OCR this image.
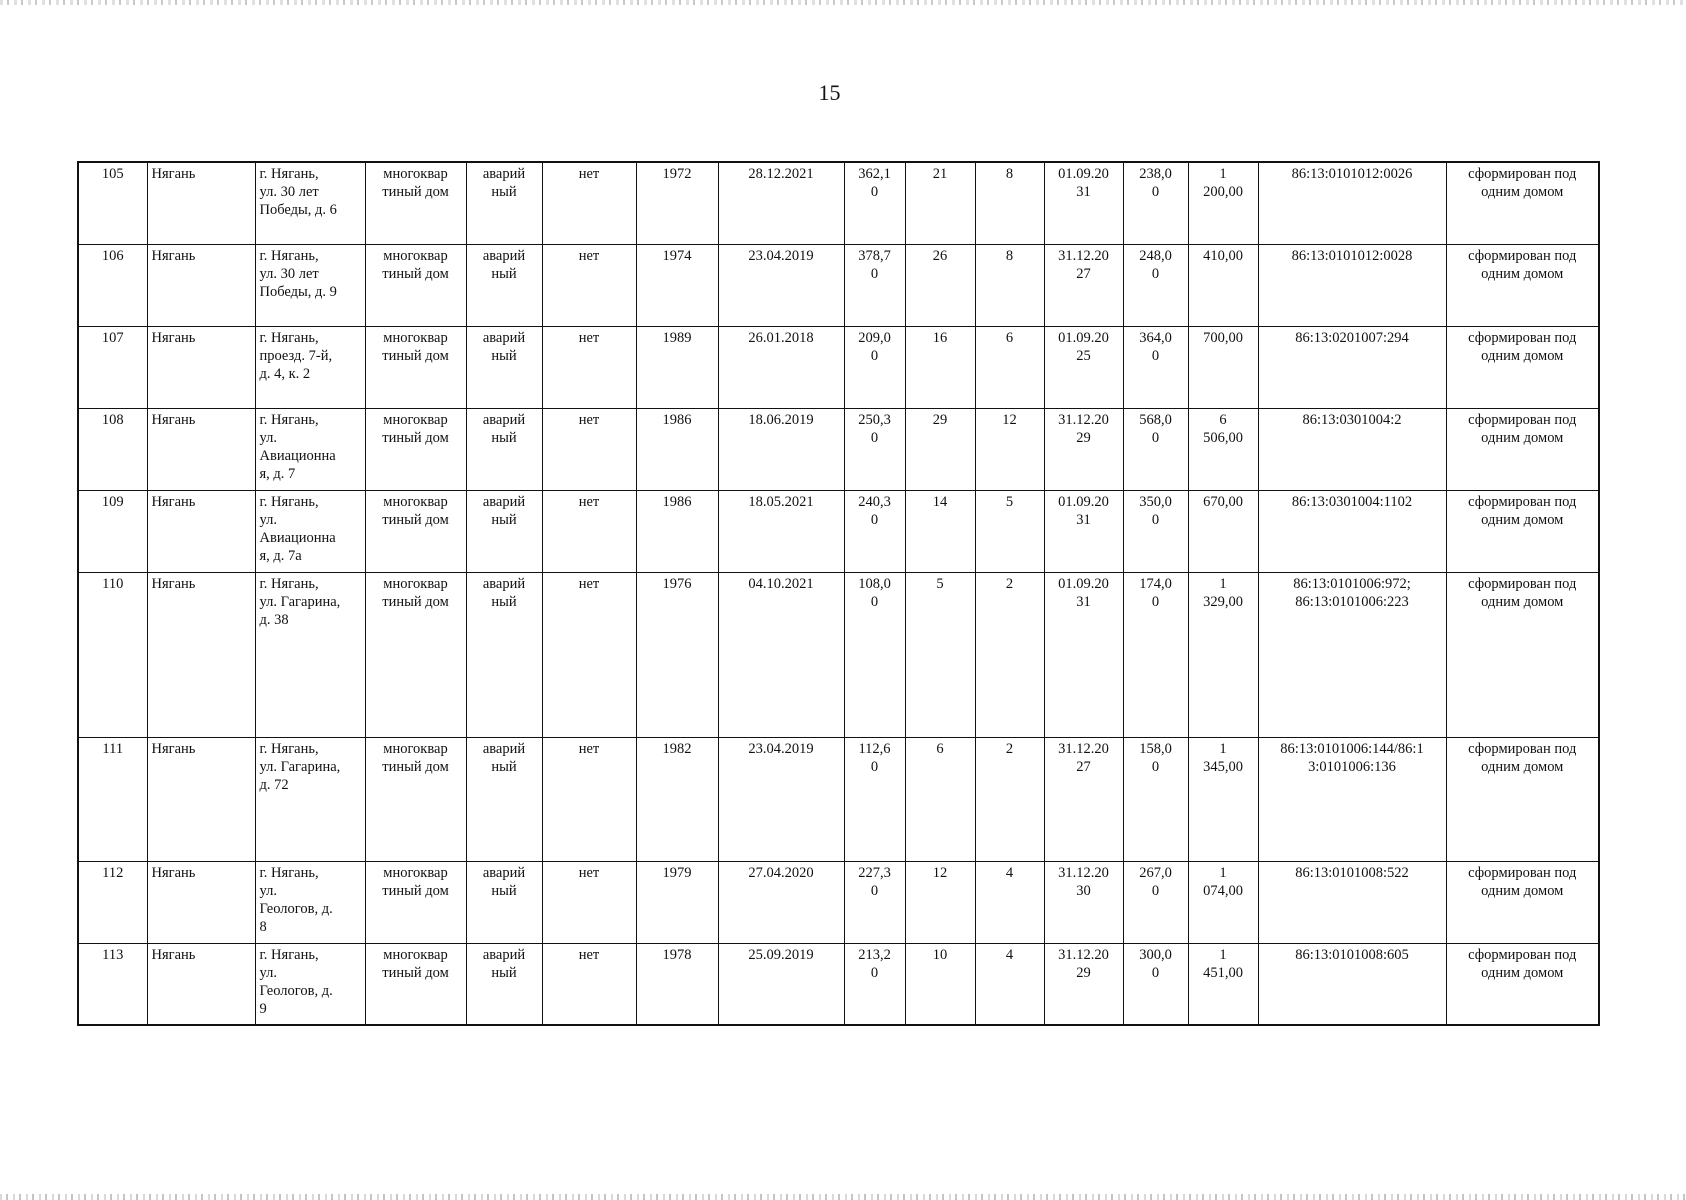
15
105	Нягань	г. Нягань,
ул. 30 лет
Победы, д. 6	многоквар
тиный дом	аварий
ный	нет	1972	28.12.2021	362,1
0	21	8	01.09.20
31	238,0
0	1
200,00	86:13:0101012:0026	сформирован под
одним домом
106	Нягань	г. Нягань,
ул. 30 лет
Победы, д. 9	многоквар
тиный дом	аварий
ный	нет	1974	23.04.2019	378,7
0	26	8	31.12.20
27	248,0
0	410,00	86:13:0101012:0028	сформирован под
одним домом
107	Нягань	г. Нягань,
проезд. 7-й,
д. 4, к. 2	многоквар
тиный дом	аварий
ный	нет	1989	26.01.2018	209,0
0	16	6	01.09.20
25	364,0
0	700,00	86:13:0201007:294	сформирован под
одним домом
108	Нягань	г. Нягань,
ул.
Авиационна
я, д. 7	многоквар
тиный дом	аварий
ный	нет	1986	18.06.2019	250,3
0	29	12	31.12.20
29	568,0
0	6
506,00	86:13:0301004:2	сформирован под
одним домом
109	Нягань	г. Нягань,
ул.
Авиационна
я, д. 7а	многоквар
тиный дом	аварий
ный	нет	1986	18.05.2021	240,3
0	14	5	01.09.20
31	350,0
0	670,00	86:13:0301004:1102	сформирован под
одним домом
110	Нягань	г. Нягань,
ул. Гагарина,
д. 38	многоквар
тиный дом	аварий
ный	нет	1976	04.10.2021	108,0
0	5	2	01.09.20
31	174,0
0	1
329,00	86:13:0101006:972;
86:13:0101006:223	сформирован под
одним домом
111	Нягань	г. Нягань,
ул. Гагарина,
д. 72	многоквар
тиный дом	аварий
ный	нет	1982	23.04.2019	112,6
0	6	2	31.12.20
27	158,0
0	1
345,00	86:13:0101006:144/86:1
3:0101006:136	сформирован под
одним домом
112	Нягань	г. Нягань,
ул.
Геологов, д.
8	многоквар
тиный дом	аварий
ный	нет	1979	27.04.2020	227,3
0	12	4	31.12.20
30	267,0
0	1
074,00	86:13:0101008:522	сформирован под
одним домом
113	Нягань	г. Нягань,
ул.
Геологов, д.
9	многоквар
тиный дом	аварий
ный	нет	1978	25.09.2019	213,2
0	10	4	31.12.20
29	300,0
0	1
451,00	86:13:0101008:605	сформирован под
одним домом
